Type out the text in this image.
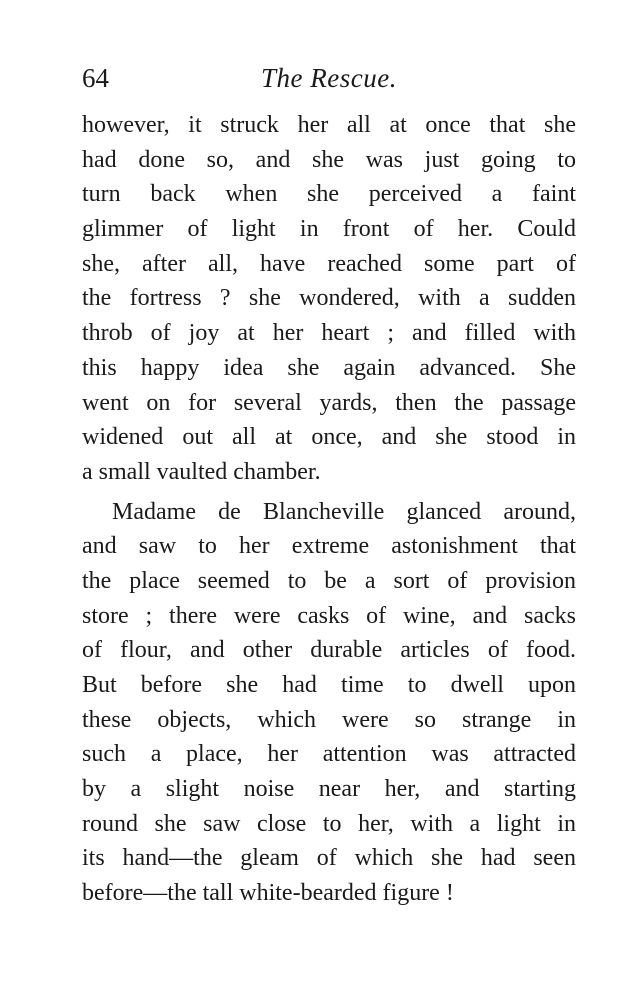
64	The Rescue.
however, it struck her all at once that she
had done so, and she was just going to
turn back when she perceived a faint
glimmer of light in front of her. Could
she, after all, have reached some part of
the fortress ? she wondered, with a sudden
throb of joy at her heart ; and filled with
this happy idea she again advanced. She
went on for several yards, then the passage
widened out all at once, and she stood in
a small vaulted chamber.
Madame de Blancheville glanced around,
and saw to her extreme astonishment that
the place seemed to be a sort of provision
store ; there were casks of wine, and sacks
of flour, and other durable articles of food.
But before she had time to dwell upon
these objects, which were so strange in
such a place, her attention was attracted
by a slight noise near her, and starting
round she saw close to her, with a light in
its hand—the gleam of which she had seen
before—the tall white-bearded figure !
